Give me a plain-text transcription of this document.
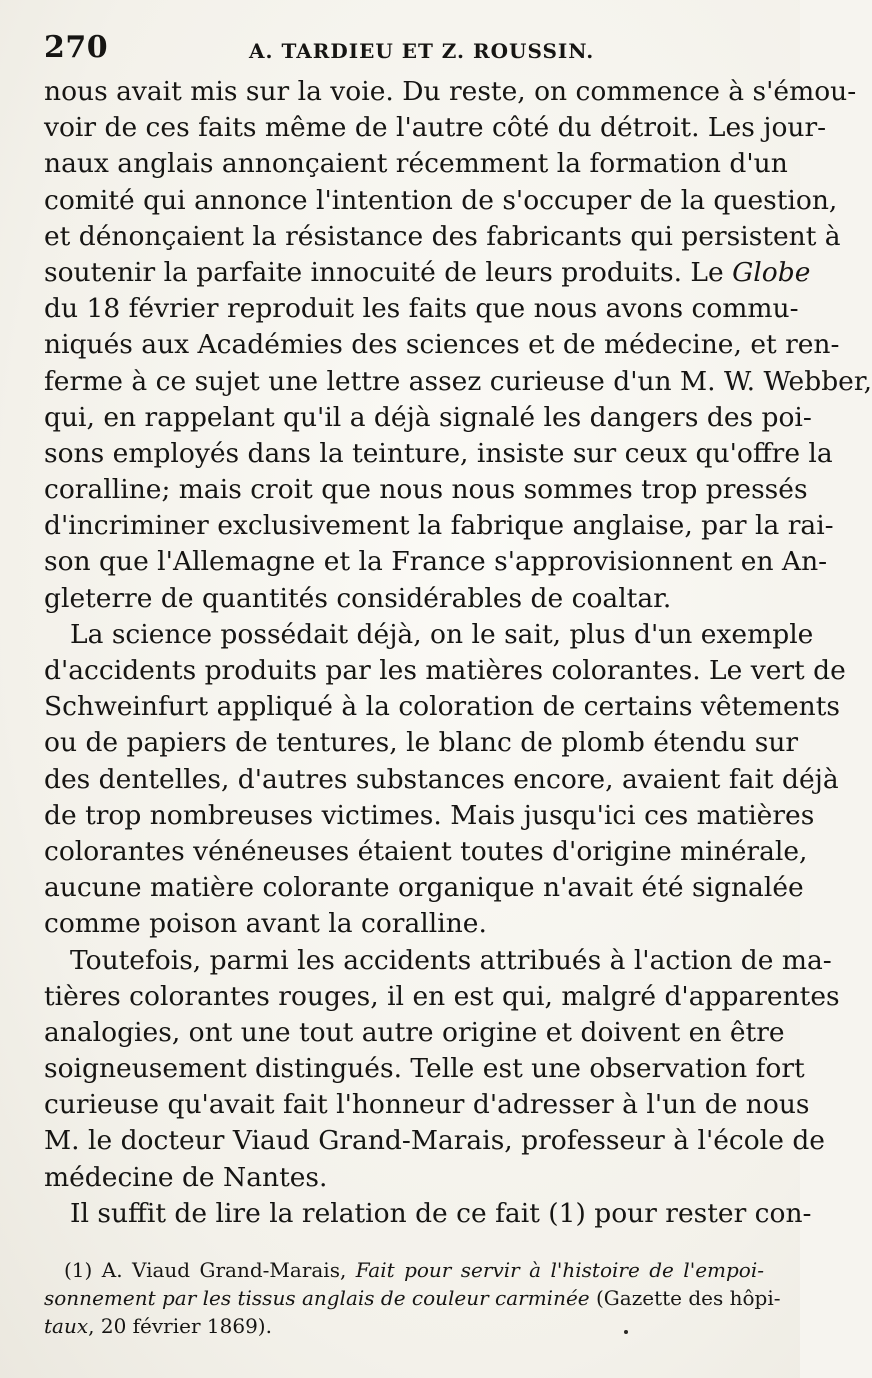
270	A. TARDIEU ET Z. ROUSSIN.
nous avait mis sur la voie. Du reste, on commence à s'émou-
voir de ces faits même de l'autre côté du détroit. Les jour-
naux anglais annonçaient récemment la formation d'un
comité qui annonce l'intention de s'occuper de la question,
et dénonçaient la résistance des fabricants qui persistent à
soutenir la parfaite innocuité de leurs produits. Le Globe
du 18 février reproduit les faits que nous avons commu-
niqués aux Académies des sciences et de médecine, et ren-
ferme à ce sujet une lettre assez curieuse d'un M. W. Webber,
qui, en rappelant qu'il a déjà signalé les dangers des poi-
sons employés dans la teinture, insiste sur ceux qu'offre la
coralline; mais croit que nous nous sommes trop pressés
d'incriminer exclusivement la fabrique anglaise, par la rai-
son que l'Allemagne et la France s'approvisionnent en An-
gleterre de quantités considérables de coaltar.
La science possédait déjà, on le sait, plus d'un exemple
d'accidents produits par les matières colorantes. Le vert de
Schweinfurt appliqué à la coloration de certains vêtements
ou de papiers de tentures, le blanc de plomb étendu sur
des dentelles, d'autres substances encore, avaient fait déjà
de trop nombreuses victimes. Mais jusqu'ici ces matières
colorantes vénéneuses étaient toutes d'origine minérale,
aucune matière colorante organique n'avait été signalée
comme poison avant la coralline.
Toutefois, parmi les accidents attribués à l'action de ma-
tières colorantes rouges, il en est qui, malgré d'apparentes
analogies, ont une tout autre origine et doivent en être
soigneusement distingués. Telle est une observation fort
curieuse qu'avait fait l'honneur d'adresser à l'un de nous
M. le docteur Viaud Grand-Marais, professeur à l'école de
médecine de Nantes.
Il suffit de lire la relation de ce fait (1) pour rester con-
(1) A. Viaud Grand-Marais, Fait pour servir à l'histoire de l'empoi-
sonnement par les tissus anglais de couleur carminée (Gazette des hôpi-
taux, 20 février 1869).
